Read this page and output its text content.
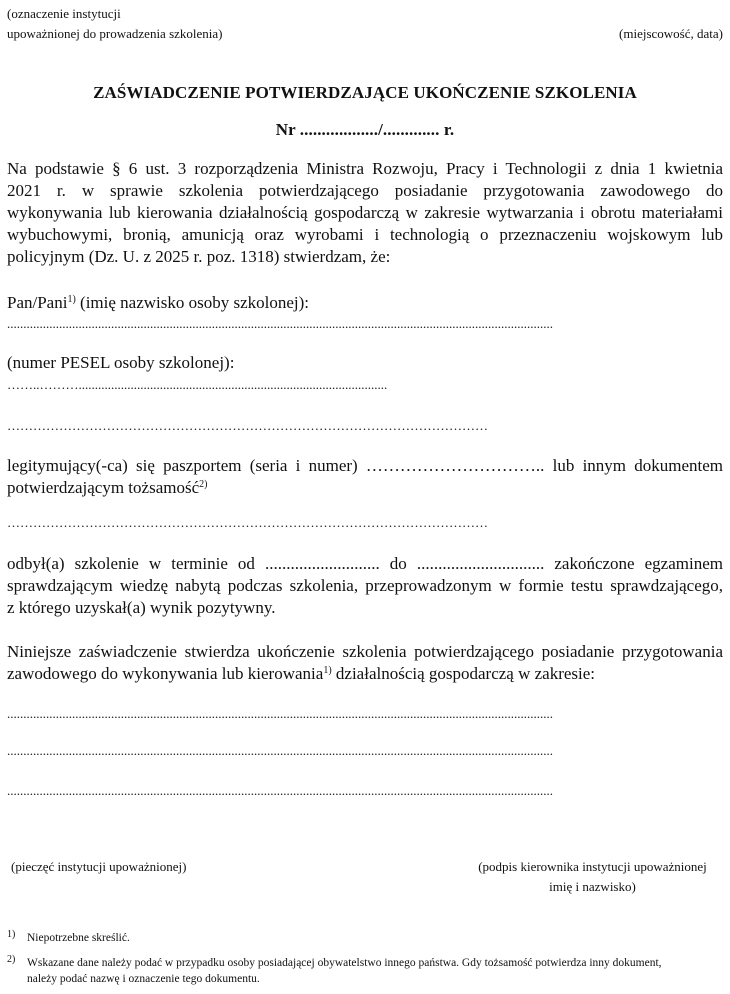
(oznaczenie instytucji
upoważnionej do prowadzenia szkolenia)	(miejscowość, data)
ZAŚWIADCZENIE POTWIERDZAJĄCE UKOŃCZENIE SZKOLENIA
Nr ................../............. r.
Na podstawie § 6 ust. 3 rozporządzenia Ministra Rozwoju, Pracy i Technologii z dnia 1 kwietnia
2021 r. w sprawie szkolenia potwierdzającego posiadanie przygotowania zawodowego do
wykonywania lub kierowania działalnością gospodarczą w zakresie wytwarzania i obrotu materiałami
wybuchowymi, bronią, amunicją oraz wyrobami i technologią o przeznaczeniu wojskowym lub
policyjnym (Dz. U. z 2025 r. poz. 1318) stwierdzam, że:
Pan/Pani$^{1)}$ (imię nazwisko osoby szkolonej):
........................................................................................................................................................................
(numer PESEL osoby szkolonej):
……..………...............................................................................................
…………………………………………………………………………………………………
legitymujący(-ca) się paszportem (seria i numer) ………………………….. lub innym dokumentem
potwierdzającym tożsamość$^{2)}$
…………………………………………………………………………………………………
odbył(a) szkolenie w terminie od ........................... do .............................. zakończone egzaminem
sprawdzającym wiedzę nabytą podczas szkolenia, przeprowadzonym w formie testu sprawdzającego,
z którego uzyskał(a) wynik pozytywny.
Niniejsze zaświadczenie stwierdza ukończenie szkolenia potwierdzającego posiadanie przygotowania
zawodowego do wykonywania lub kierowania$^{1)}$ działalnością gospodarczą w zakresie:
........................................................................................................................................................................
........................................................................................................................................................................
........................................................................................................................................................................
(pieczęć instytucji upoważnionej)	(podpis kierownika instytucji upoważnionej
imię i nazwisko)
1) Niepotrzebne skreślić.
2) Wskazane dane należy podać w przypadku osoby posiadającej obywatelstwo innego państwa. Gdy tożsamość potwierdza inny dokument,
należy podać nazwę i oznaczenie tego dokumentu.
